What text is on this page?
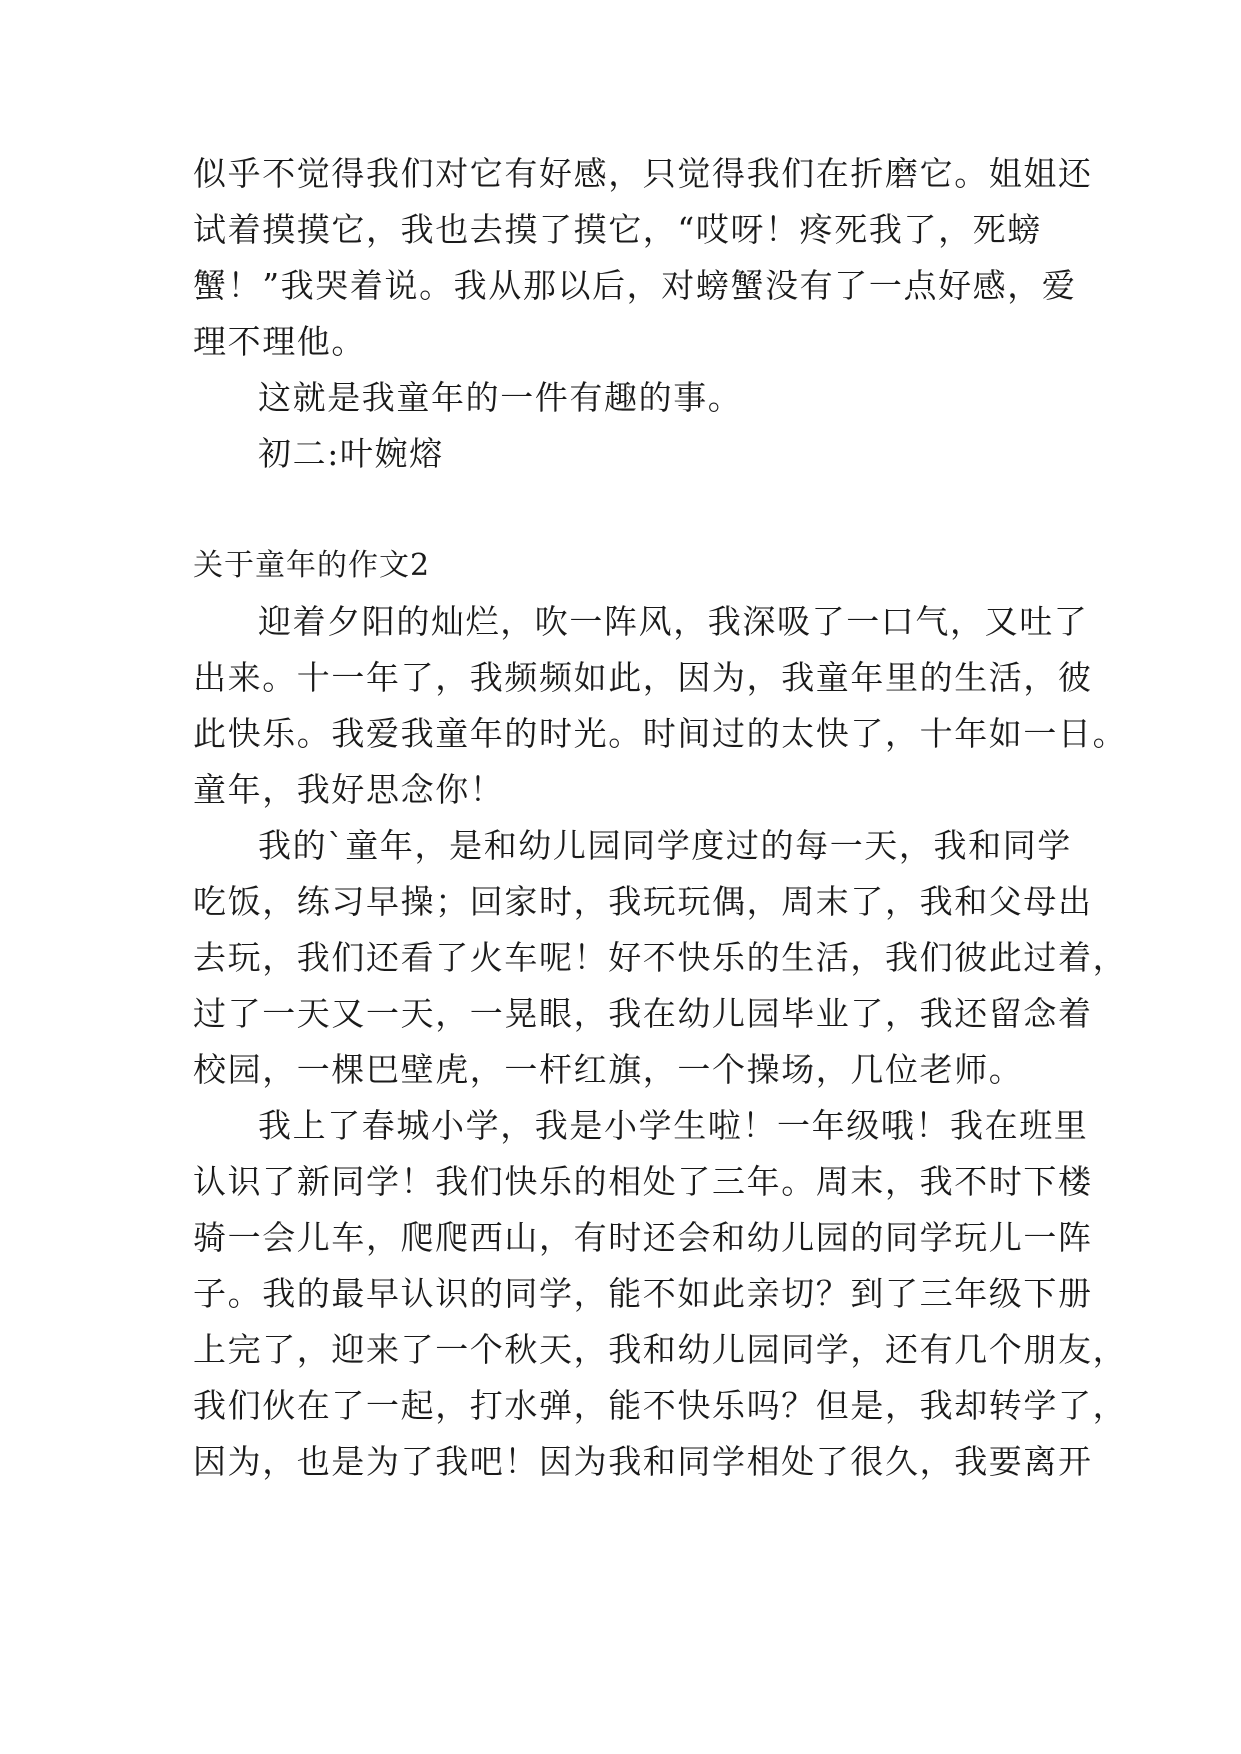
似乎不觉得我们对它有好感，只觉得我们在折磨它。姐姐还
试着摸摸它，我也去摸了摸它，“哎呀！疼死我了，死螃
蟹！”我哭着说。我从那以后，对螃蟹没有了一点好感，爱
理不理他。
这就是我童年的一件有趣的事。
初二:叶婉熔
关于童年的作文2
迎着夕阳的灿烂，吹一阵风，我深吸了一口气，又吐了
出来。十一年了，我频频如此，因为，我童年里的生活，彼
此快乐。我爱我童年的时光。时间过的太快了，十年如一日。
童年，我好思念你！
我的`童年，是和幼儿园同学度过的每一天，我和同学
吃饭，练习早操；回家时，我玩玩偶，周末了，我和父母出
去玩，我们还看了火车呢！好不快乐的生活，我们彼此过着，
过了一天又一天，一晃眼，我在幼儿园毕业了，我还留念着
校园，一棵巴壁虎，一杆红旗，一个操场，几位老师。
我上了春城小学，我是小学生啦！一年级哦！我在班里
认识了新同学！我们快乐的相处了三年。周末，我不时下楼
骑一会儿车，爬爬西山，有时还会和幼儿园的同学玩儿一阵
子。我的最早认识的同学，能不如此亲切？到了三年级下册
上完了，迎来了一个秋天，我和幼儿园同学，还有几个朋友，
我们伙在了一起，打水弹，能不快乐吗？但是，我却转学了，
因为，也是为了我吧！因为我和同学相处了很久，我要离开
